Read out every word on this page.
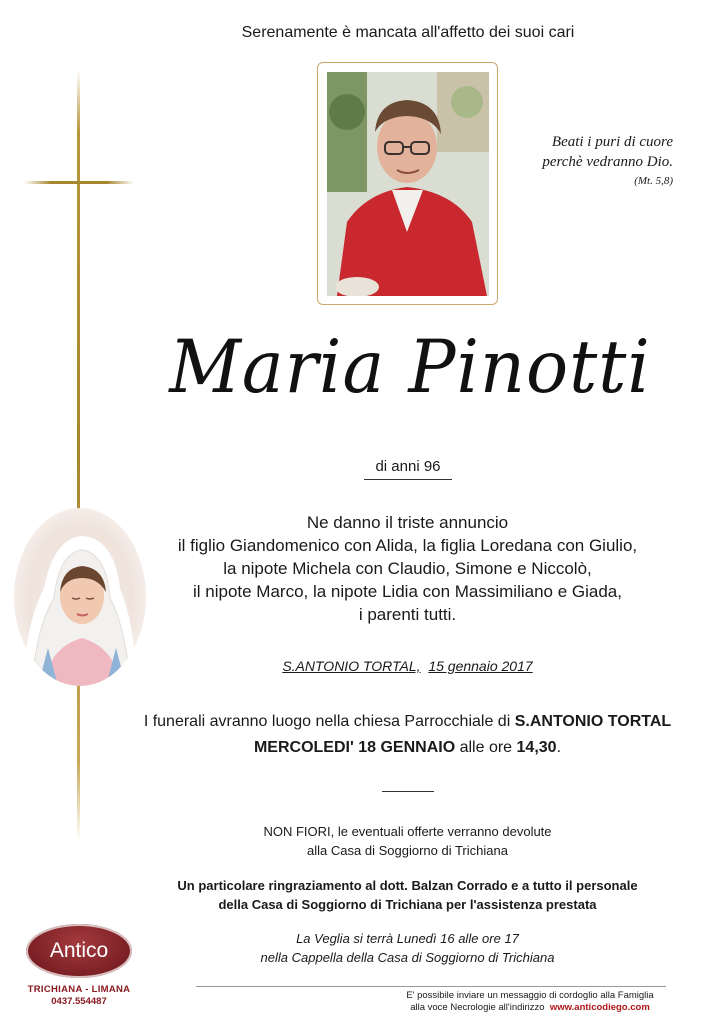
Serenamente è mancata all'affetto dei suoi cari
Beati i puri di cuore
perchè vedranno Dio.
(Mt. 5,8)
Maria Pinotti
di anni 96
Ne danno il triste annuncio
il figlio Giandomenico con Alida, la figlia Loredana con Giulio,
la nipote Michela con Claudio, Simone e Niccolò,
il nipote Marco, la nipote Lidia con Massimiliano e Giada,
i parenti tutti.
S.ANTONIO TORTAL, 15 gennaio 2017
I funerali avranno luogo nella chiesa Parrocchiale di S.ANTONIO TORTAL
MERCOLEDI' 18 GENNAIO alle ore 14,30.
NON FIORI, le eventuali offerte verranno devolute
alla Casa di Soggiorno di Trichiana
Un particolare ringraziamento al dott. Balzan Corrado e a tutto il personale
della Casa di Soggiorno di Trichiana per l'assistenza prestata
La Veglia si terrà Lunedì 16 alle ore 17
nella Cappella della Casa di Soggiorno di Trichiana
E' possibile inviare un messaggio di cordoglio alla Famiglia
alla voce Necrologie all'indirizzo www.anticodiego.com
Antico
TRICHIANA - LIMANA
0437.554487
